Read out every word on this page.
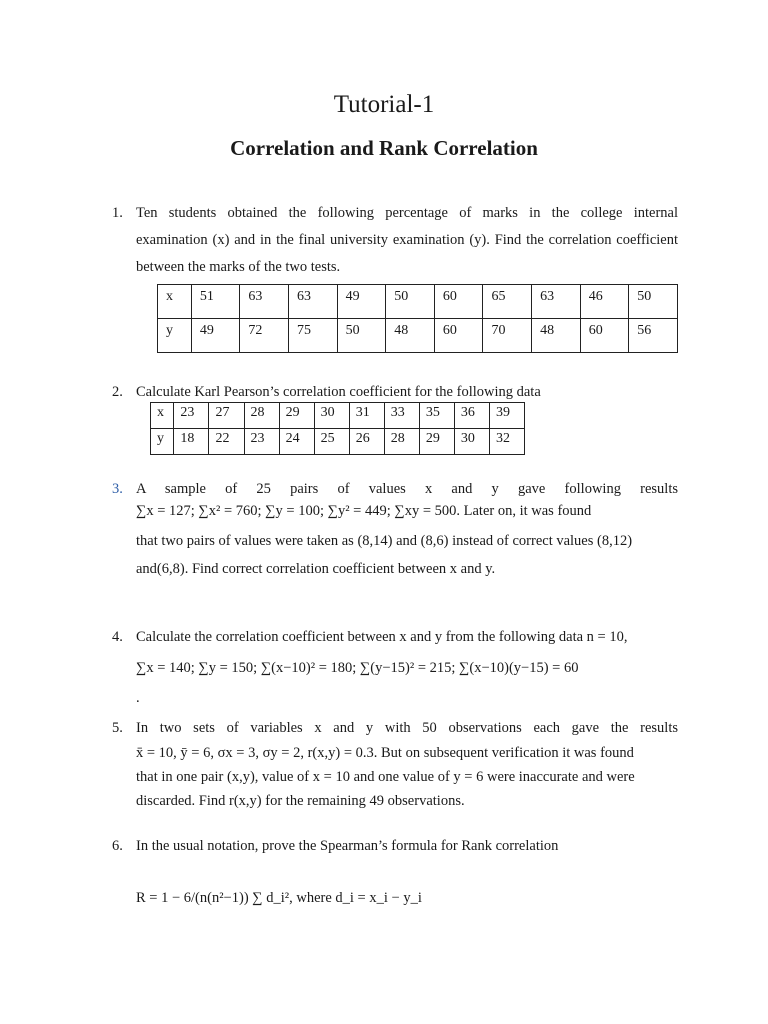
Tutorial-1
Correlation and Rank Correlation
1. Ten students obtained the following percentage of marks in the college internal
examination (x) and in the final university examination (y). Find the correlation coefficient
between the marks of the two tests.
x	51	63	63	49	50	60	65	63	46	50
y	49	72	75	50	48	60	70	48	60	56
2. Calculate Karl Pearson’s correlation coefficient for the following data
x	23	27	28	29	30	31	33	35	36	39
y	18	22	23	24	25	26	28	29	30	32
3. A sample of 25 pairs of values x and y gave following results
∑x = 127; ∑x² = 760; ∑y = 100; ∑y² = 449; ∑xy = 500. Later on, it was found
that two pairs of values were taken as (8,14) and (8,6) instead of correct values (8,12)
and(6,8). Find correct correlation coefficient between x and y.
4. Calculate the correlation coefficient between x and y from the following data n = 10,
∑x = 140; ∑y = 150; ∑(x−10)² = 180; ∑(y−15)² = 215; ∑(x−10)(y−15) = 60
.
5. In two sets of variables x and y with 50 observations each gave the results
x̄ = 10, ȳ = 6, σx = 3, σy = 2, r(x,y) = 0.3. But on subsequent verification it was found
that in one pair (x,y), value of x = 10 and one value of y = 6 were inaccurate and were
discarded. Find r(x,y) for the remaining 49 observations.
6. In the usual notation, prove the Spearman’s formula for Rank correlation
R = 1 − 6/(n(n²−1)) ∑ d_i², where d_i = x_i − y_i
